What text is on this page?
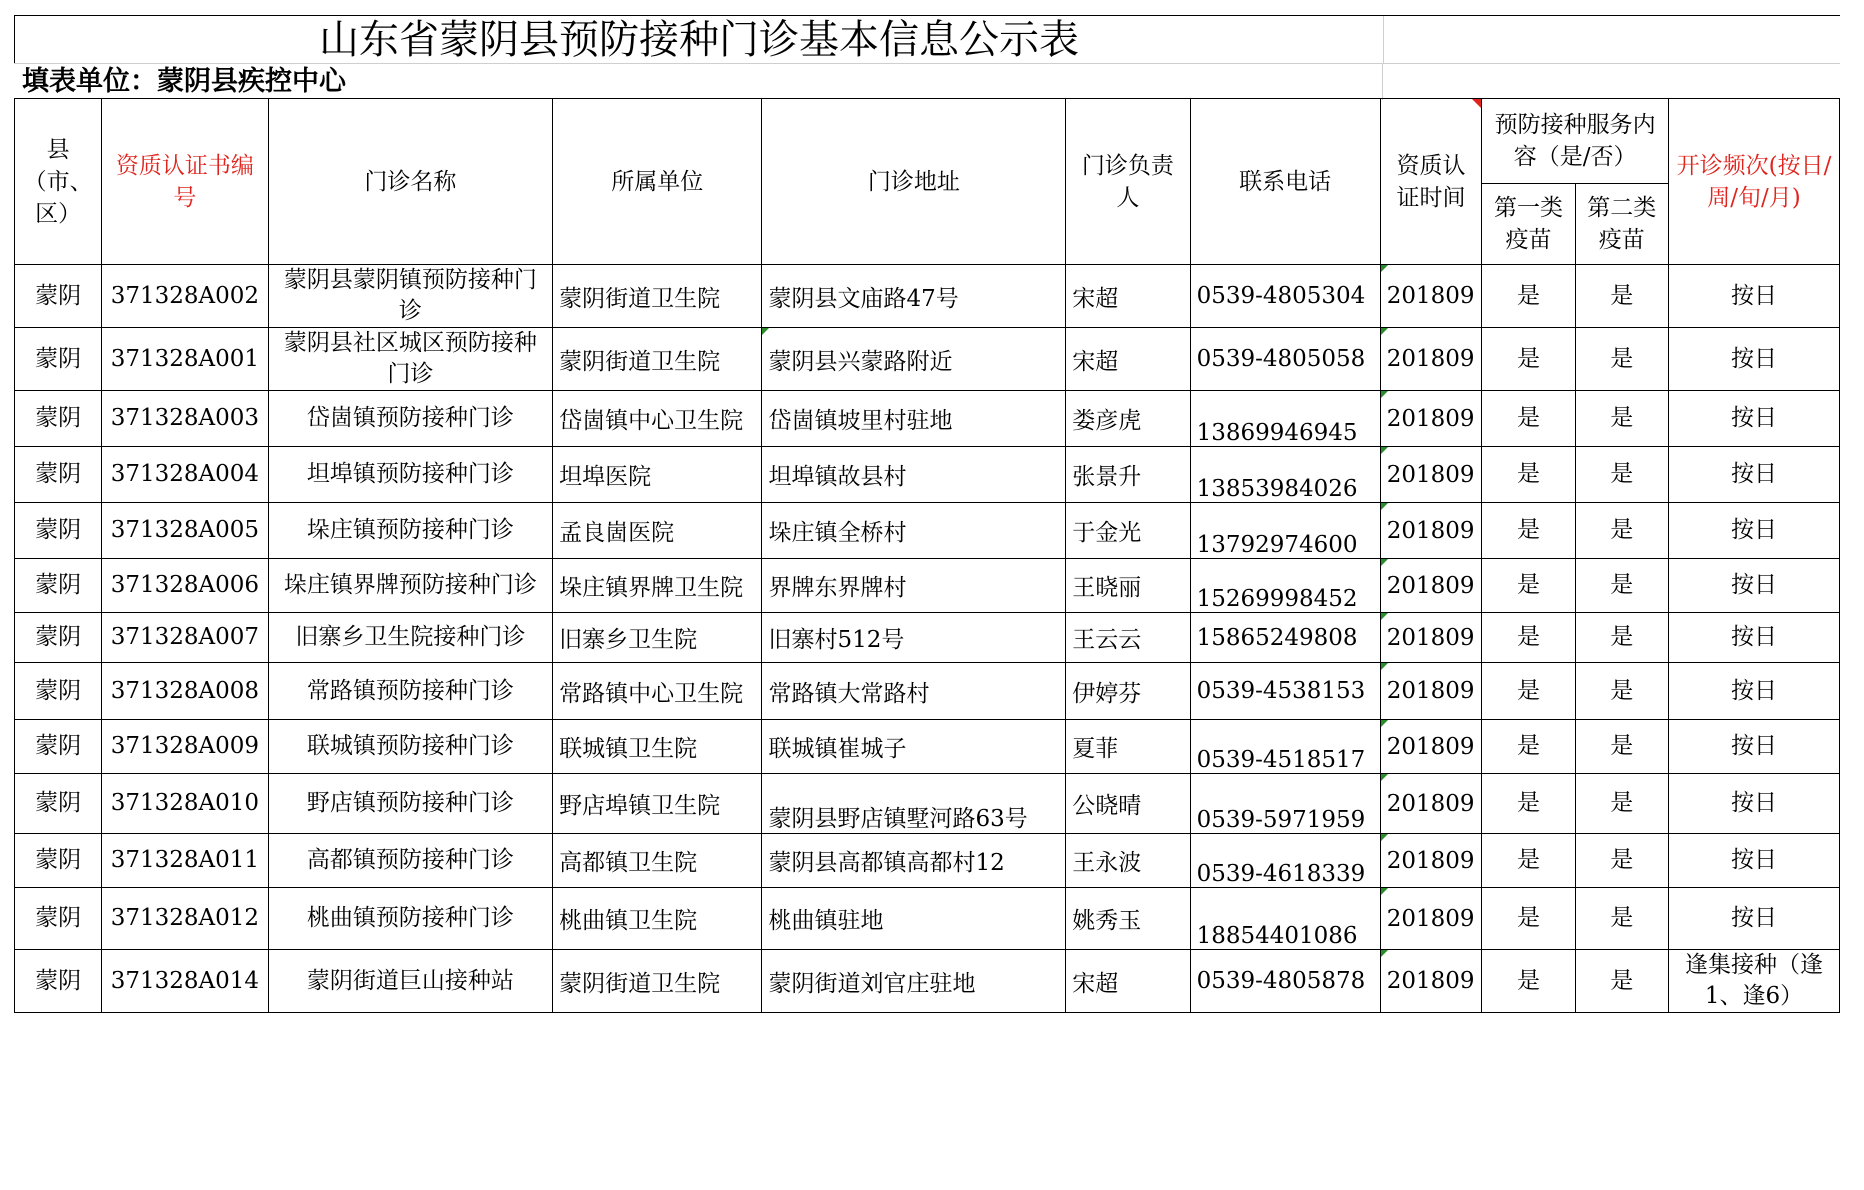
山东省蒙阴县预防接种门诊基本信息公示表
填表单位：蒙阴县疾控中心
县（市、区）	资质认证书编号	门诊名称	所属单位	门诊地址	门诊负责人	联系电话	资质认证时间	预防接种服务内容（是/否）		开诊频次(按日/周/旬/月)
								第一类疫苗	第二类疫苗	
蒙阴	371328A002	蒙阴县蒙阴镇预防接种门诊	蒙阴街道卫生院	蒙阴县文庙路47号	宋超	0539-4805304	201809	是	是	按日
蒙阴	371328A001	蒙阴县社区城区预防接种门诊	蒙阴街道卫生院	蒙阴县兴蒙路附近	宋超	0539-4805058	201809	是	是	按日
蒙阴	371328A003	岱崮镇预防接种门诊	岱崮镇中心卫生院	岱崮镇坡里村驻地	娄彦虎	13869946945	201809	是	是	按日
蒙阴	371328A004	坦埠镇预防接种门诊	坦埠医院	坦埠镇故县村	张景升	13853984026	201809	是	是	按日
蒙阴	371328A005	垛庄镇预防接种门诊	孟良崮医院	垛庄镇全桥村	于金光	13792974600	201809	是	是	按日
蒙阴	371328A006	垛庄镇界牌预防接种门诊	垛庄镇界牌卫生院	界牌东界牌村	王晓丽	15269998452	201809	是	是	按日
蒙阴	371328A007	旧寨乡卫生院接种门诊	旧寨乡卫生院	旧寨村512号	王云云	15865249808	201809	是	是	按日
蒙阴	371328A008	常路镇预防接种门诊	常路镇中心卫生院	常路镇大常路村	伊婷芬	0539-4538153	201809	是	是	按日
蒙阴	371328A009	联城镇预防接种门诊	联城镇卫生院	联城镇崔城子	夏菲	0539-4518517	201809	是	是	按日
蒙阴	371328A010	野店镇预防接种门诊	野店埠镇卫生院	蒙阴县野店镇墅河路63号	公晓晴	0539-5971959	201809	是	是	按日
蒙阴	371328A011	高都镇预防接种门诊	高都镇卫生院	蒙阴县高都镇高都村12	王永波	0539-4618339	201809	是	是	按日
蒙阴	371328A012	桃曲镇预防接种门诊	桃曲镇卫生院	桃曲镇驻地	姚秀玉	18854401086	201809	是	是	按日
蒙阴	371328A014	蒙阴街道巨山接种站	蒙阴街道卫生院	蒙阴街道刘官庄驻地	宋超	0539-4805878	201809	是	是	逢集接种（逢1、逢6）
